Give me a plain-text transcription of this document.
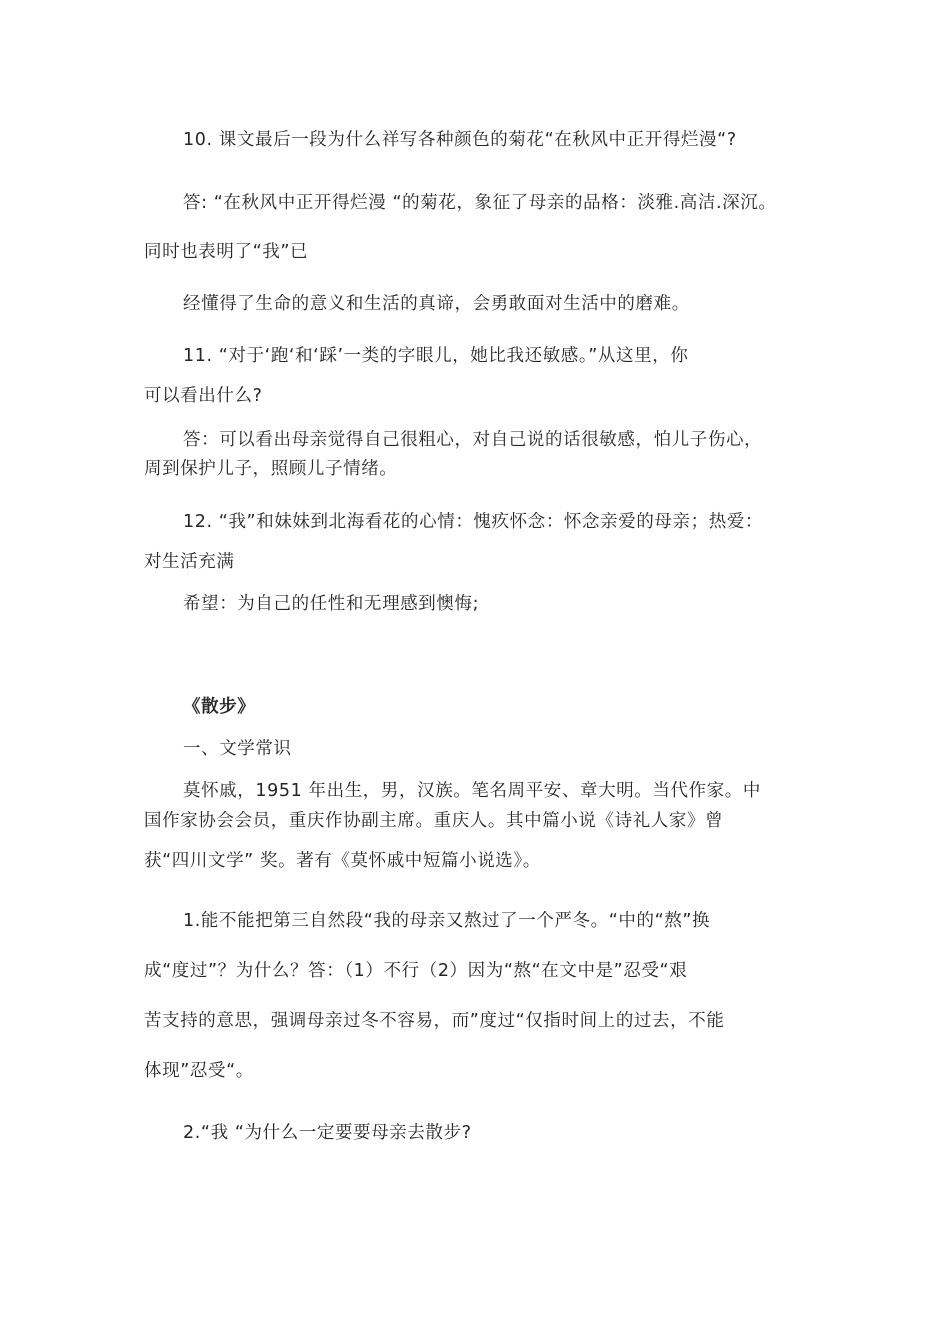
10. 课文最后一段为什么祥写各种颜色的菊花“在秋风中正开得烂漫“?
答: “在秋风中正开得烂漫 “的菊花，象征了母亲的品格：淡雅.高洁.深沉。
同时也表明了“我”已
经懂得了生命的意义和生活的真谛，会勇敢面对生活中的磨难。
11. “对于‘跑‘和‘踩’一类的字眼儿，她比我还敏感。”从这里，你
可以看出什么?
答：可以看出母亲觉得自己很粗心，对自己说的话很敏感，怕儿子伤心，
周到保护儿子，照顾儿子情绪。
12. “我”和妹妹到北海看花的心情：愧疚怀念：怀念亲爱的母亲；热爱：
对生活充满
希望：为自己的任性和无理感到懊悔;
《散步》
一、文学常识
莫怀戚，1951 年出生，男，汉族。笔名周平安、章大明。当代作家。中
国作家协会会员，重庆作协副主席。重庆人。其中篇小说《诗礼人家》曾
获“四川文学” 奖。著有《莫怀戚中短篇小说选》。
1.能不能把第三自然段“我的母亲又熬过了一个严冬。“中的“熬”换
成“度过”？为什么？答：（1）不行（2）因为“熬“在文中是”忍受“艰
苦支持的意思，强调母亲过冬不容易，而”度过“仅指时间上的过去，不能
体现”忍受“。
2.“我 “为什么一定要要母亲去散步?
